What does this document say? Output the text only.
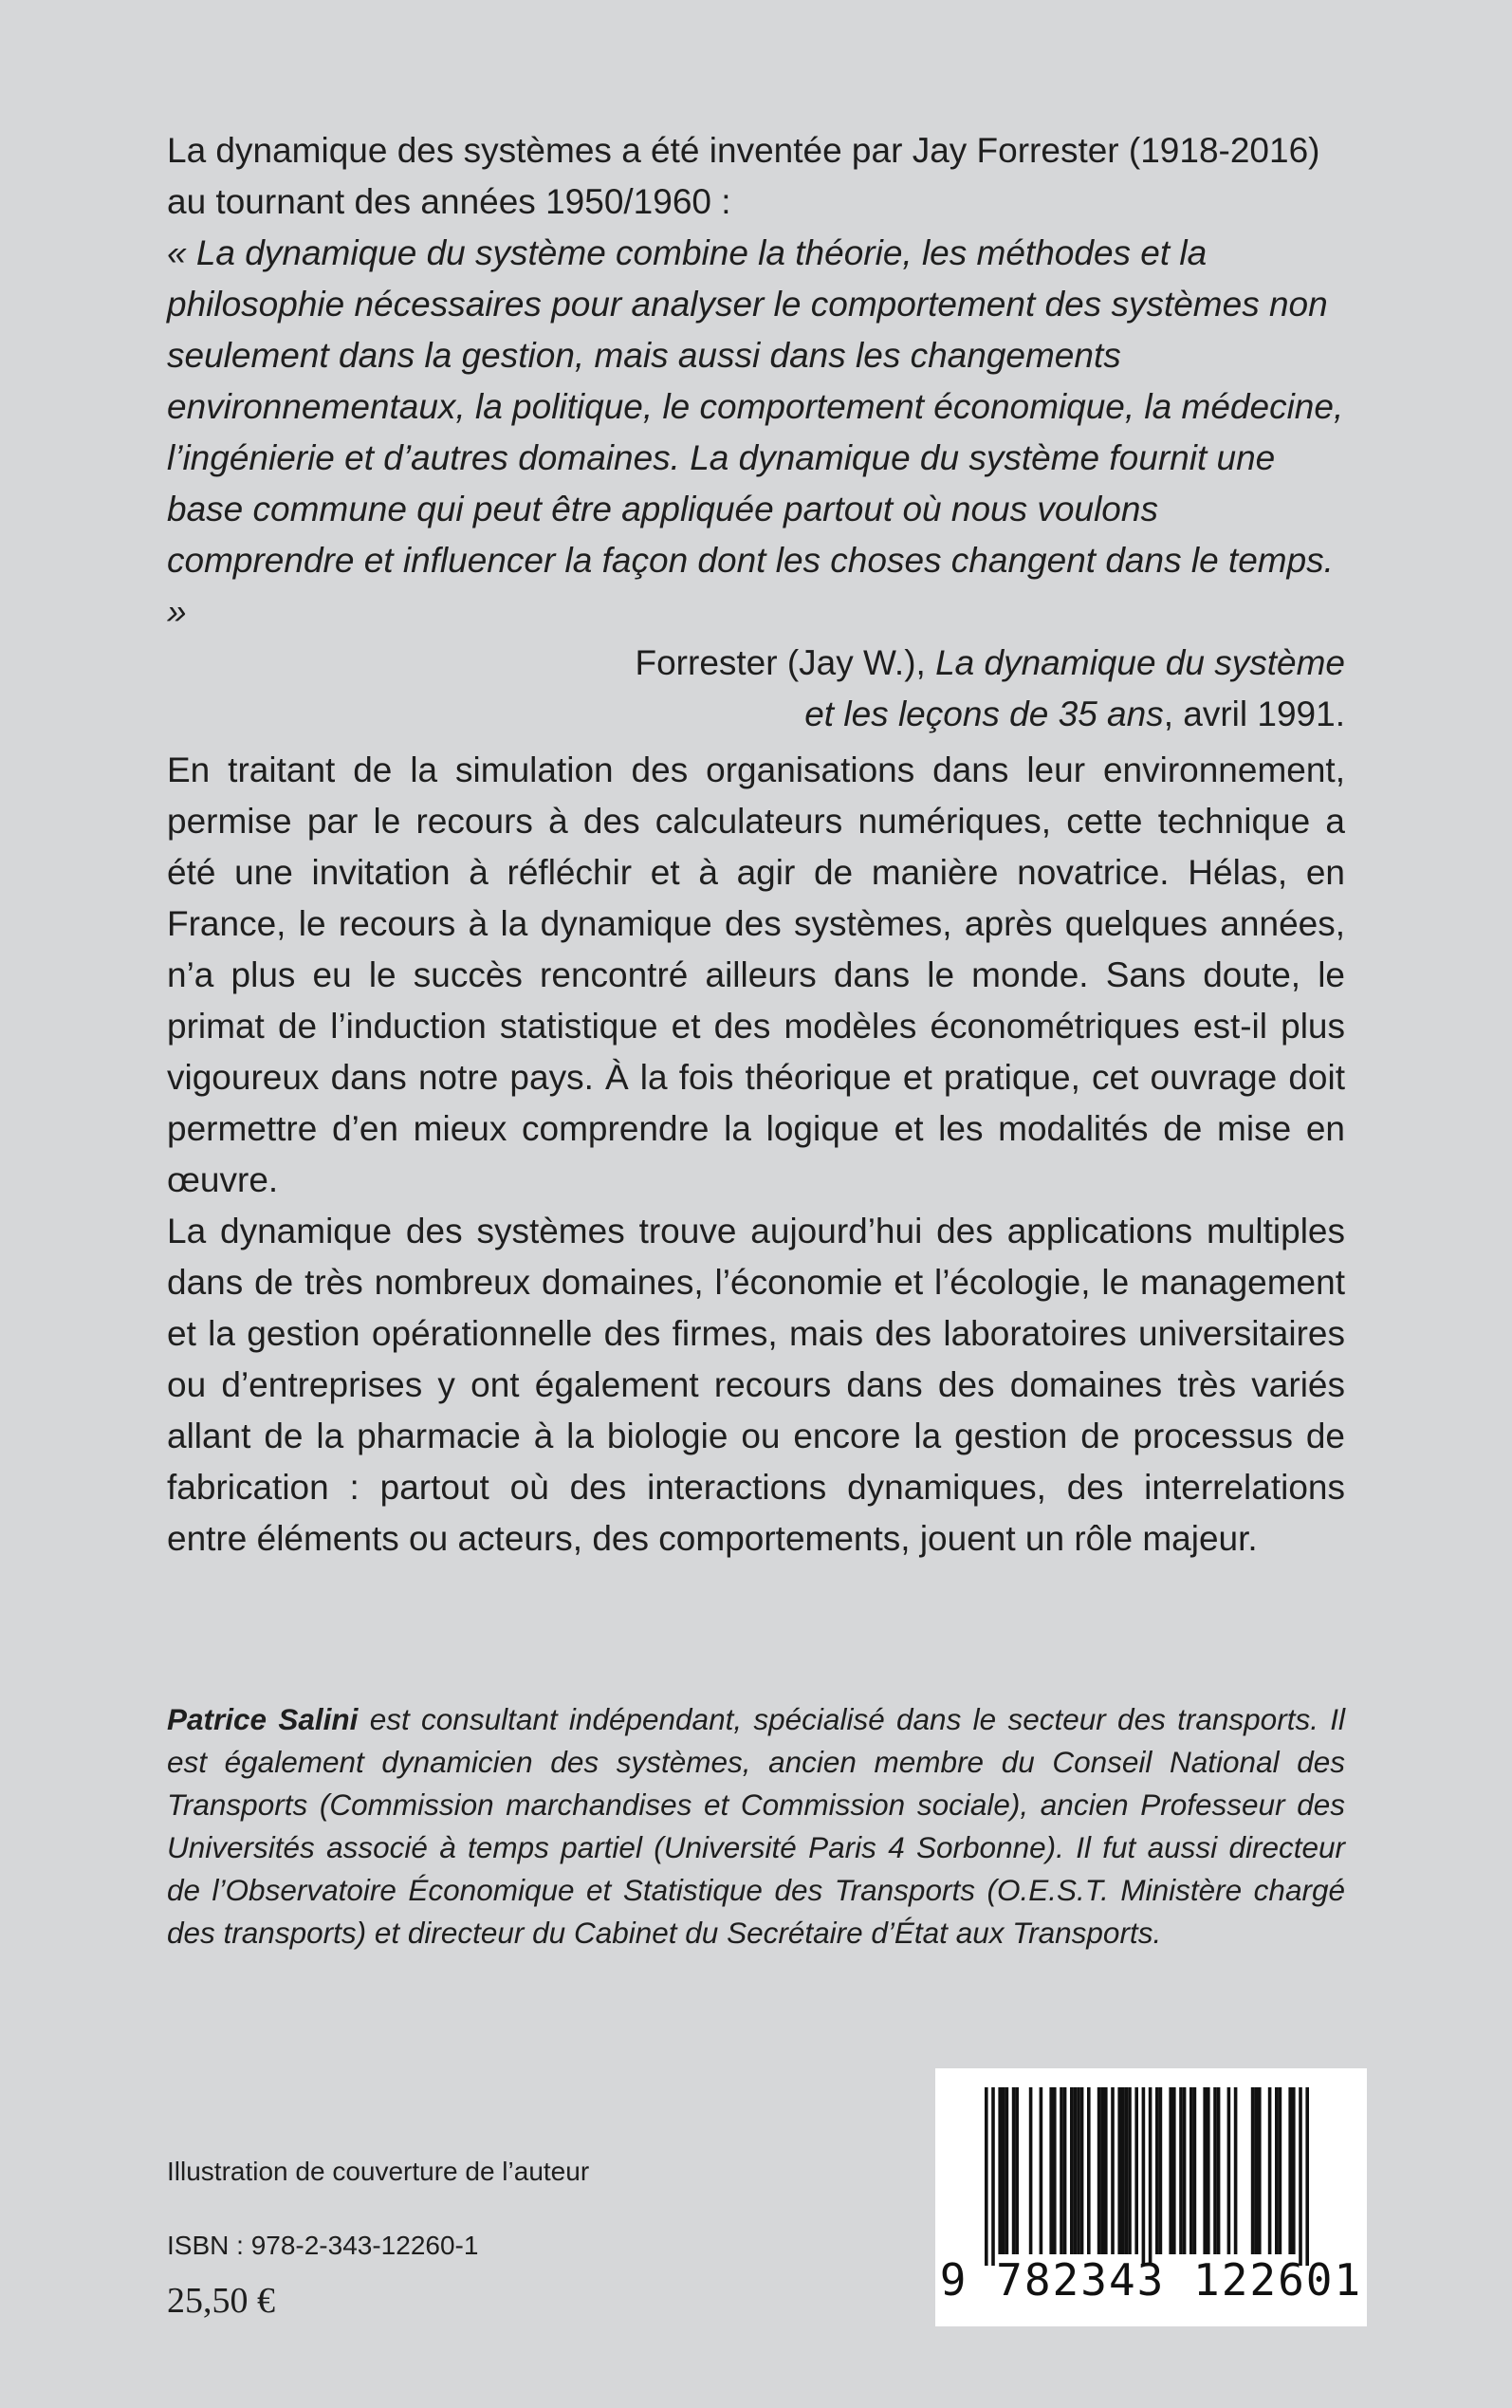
La dynamique des systèmes a été inventée par Jay Forrester (1918-2016) au tournant des années 1950/1960 :

« La dynamique du système combine la théorie, les méthodes et la philosophie nécessaires pour analyser le comportement des systèmes non seulement dans la gestion, mais aussi dans les changements environnementaux, la politique, le comportement économique, la médecine, l’ingénierie et d’autres domaines. La dynamique du système fournit une base commune qui peut être appliquée partout où nous voulons comprendre et influencer la façon dont les choses changent dans le temps. »

Forrester (Jay W.), La dynamique du système
et les leçons de 35 ans, avril 1991.

En traitant de la simulation des organisations dans leur environnement, permise par le recours à des calculateurs numériques, cette technique a été une invitation à réfléchir et à agir de manière novatrice. Hélas, en France, le recours à la dynamique des systèmes, après quelques années, n’a plus eu le succès rencontré ailleurs dans le monde. Sans doute, le primat de l’induction statistique et des modèles économétriques est-il plus vigoureux dans notre pays. À la fois théorique et pratique, cet ouvrage doit permettre d’en mieux comprendre la logique et les modalités de mise en œuvre.

La dynamique des systèmes trouve aujourd’hui des applications multiples dans de très nombreux domaines, l’économie et l’écologie, le management et la gestion opérationnelle des firmes, mais des laboratoires universitaires ou d’entreprises y ont également recours dans des domaines très variés allant de la pharmacie à la biologie ou encore la gestion de processus de fabrication : partout où des interactions dynamiques, des interrelations entre éléments ou acteurs, des comportements, jouent un rôle majeur.

Patrice Salini est consultant indépendant, spécialisé dans le secteur des transports. Il est également dynamicien des systèmes, ancien membre du Conseil National des Transports (Commission marchandises et Commission sociale), ancien Professeur des Universités associé à temps partiel (Université Paris 4 Sorbonne). Il fut aussi directeur de l’Observatoire Économique et Statistique des Transports (O.E.S.T. Ministère chargé des transports) et directeur du Cabinet du Secrétaire d’État aux Transports.

Illustration de couverture de l’auteur
ISBN : 978-2-343-12260-1
25,50 €	9 782343 122601
